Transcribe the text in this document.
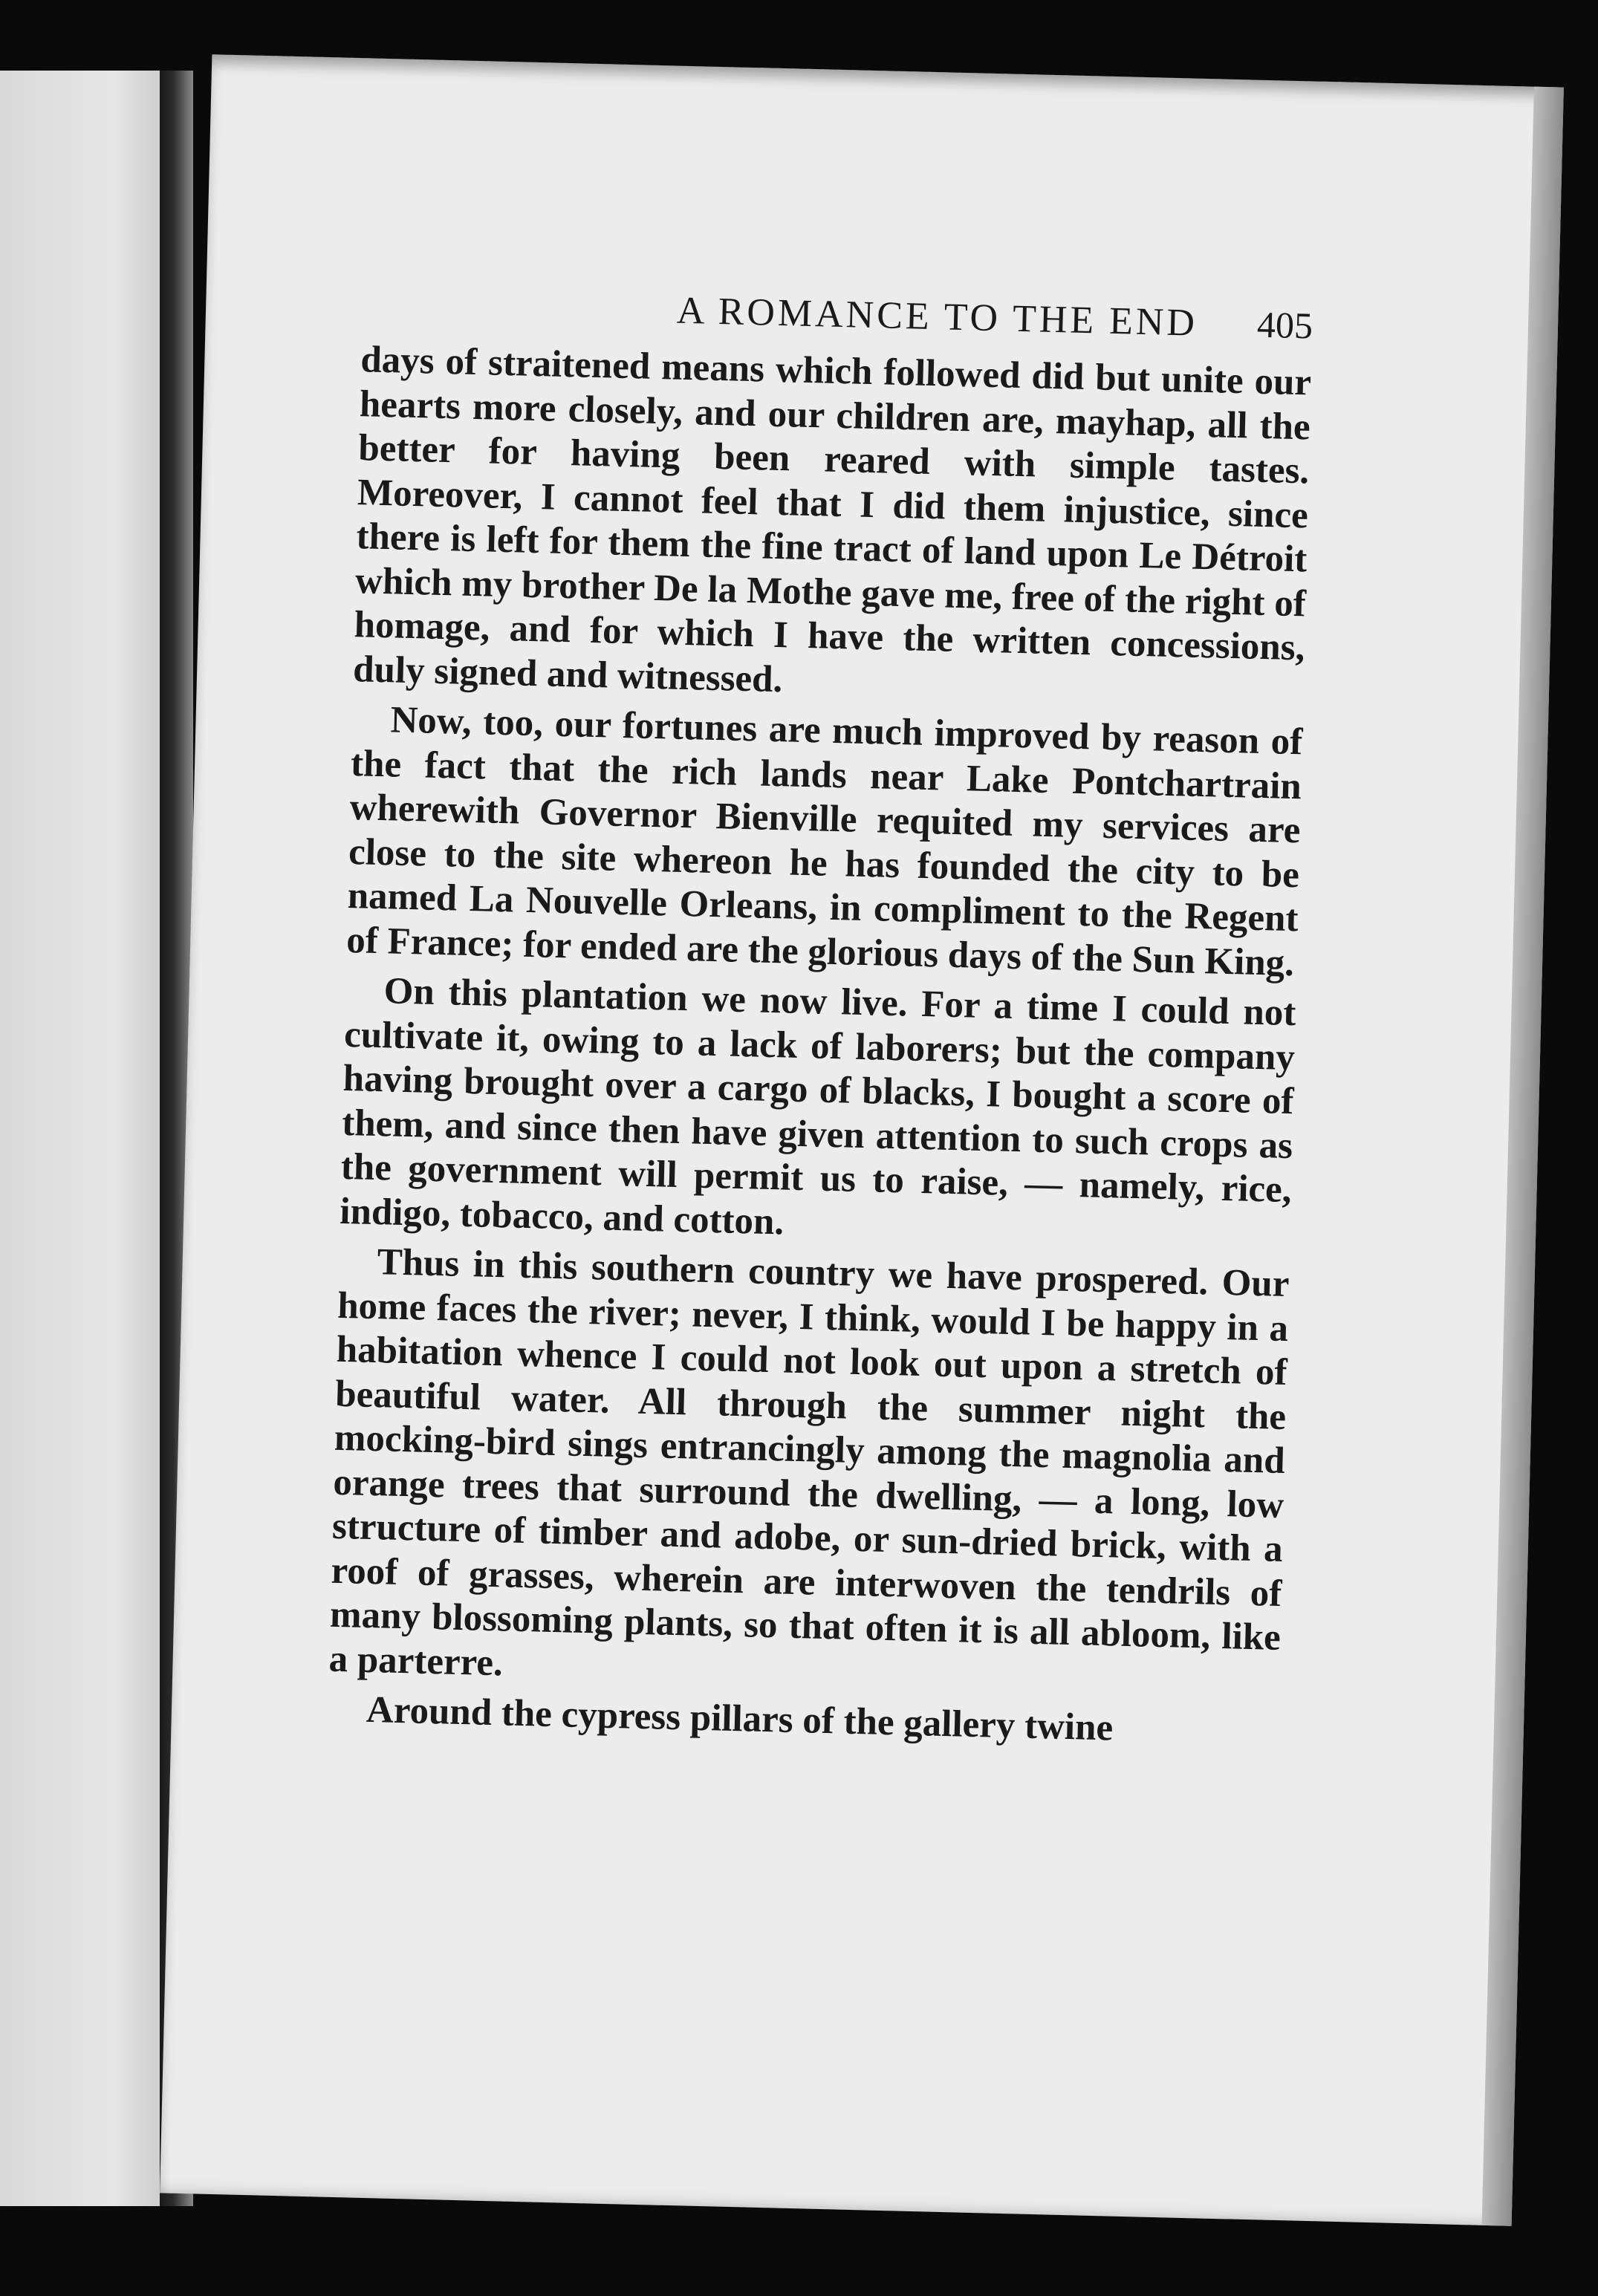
A ROMANCE TO THE END 405

days of straitened means which followed did but unite our hearts more closely, and our children are, mayhap, all the better for having been reared with simple tastes. Moreover, I cannot feel that I did them injustice, since there is left for them the fine tract of land upon Le Détroit which my brother De la Mothe gave me, free of the right of homage, and for which I have the written concessions, duly signed and witnessed.

Now, too, our fortunes are much improved by reason of the fact that the rich lands near Lake Pontchartrain wherewith Governor Bienville requited my services are close to the site whereon he has founded the city to be named La Nouvelle Orleans, in compliment to the Regent of France; for ended are the glorious days of the Sun King.

On this plantation we now live. For a time I could not cultivate it, owing to a lack of laborers; but the company having brought over a cargo of blacks, I bought a score of them, and since then have given attention to such crops as the government will permit us to raise, — namely, rice, indigo, tobacco, and cotton.

Thus in this southern country we have prospered. Our home faces the river; never, I think, would I be happy in a habitation whence I could not look out upon a stretch of beautiful water. All through the summer night the mocking-bird sings entrancingly among the magnolia and orange trees that surround the dwelling, — a long, low structure of timber and adobe, or sun-dried brick, with a roof of grasses, wherein are interwoven the tendrils of many blossoming plants, so that often it is all abloom, like a parterre.

Around the cypress pillars of the gallery twine
